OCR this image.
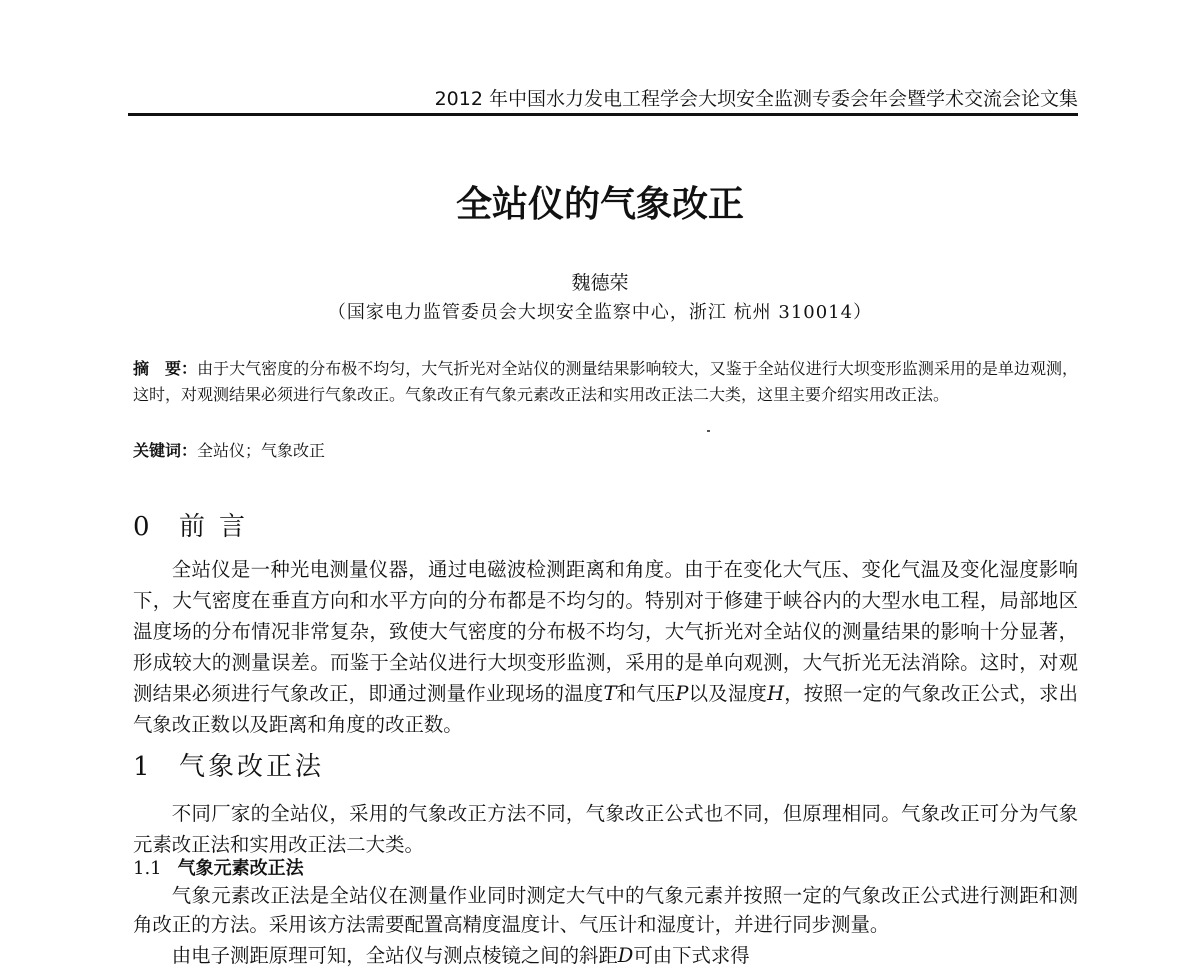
2012 年中国水力发电工程学会大坝安全监测专委会年会暨学术交流会论文集
全站仪的气象改正
魏德荣
（国家电力监管委员会大坝安全监察中心，浙江 杭州 310014）
摘　要：由于大气密度的分布极不均匀，大气折光对全站仪的测量结果影响较大，又鉴于全站仪进行大坝变形监测采用的是单边观测，这时，对观测结果必须进行气象改正。气象改正有气象元素改正法和实用改正法二大类，这里主要介绍实用改正法。
关键词：全站仪；气象改正
0 前言
全站仪是一种光电测量仪器，通过电磁波检测距离和角度。由于在变化大气压、变化气温及变化湿度影响下，大气密度在垂直方向和水平方向的分布都是不均匀的。特别对于修建于峡谷内的大型水电工程，局部地区温度场的分布情况非常复杂，致使大气密度的分布极不均匀，大气折光对全站仪的测量结果的影响十分显著，形成较大的测量误差。而鉴于全站仪进行大坝变形监测，采用的是单向观测，大气折光无法消除。这时，对观测结果必须进行气象改正，即通过测量作业现场的温度T和气压P以及湿度H，按照一定的气象改正公式，求出气象改正数以及距离和角度的改正数。
1 气象改正法
不同厂家的全站仪，采用的气象改正方法不同，气象改正公式也不同，但原理相同。气象改正可分为气象元素改正法和实用改正法二大类。
1.1 气象元素改正法
气象元素改正法是全站仪在测量作业同时测定大气中的气象元素并按照一定的气象改正公式进行测距和测角改正的方法。采用该方法需要配置高精度温度计、气压计和湿度计，并进行同步测量。
由电子测距原理可知，全站仪与测点棱镜之间的斜距D可由下式求得
